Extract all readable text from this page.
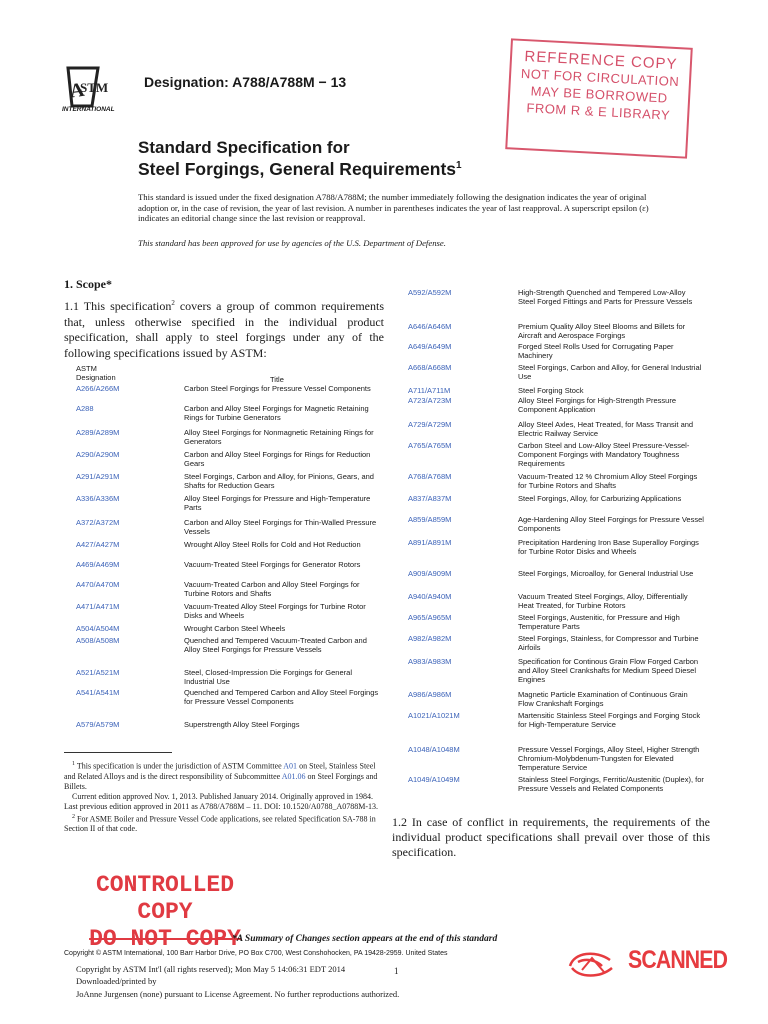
A
STM
INTERNATIONAL
Designation: A788/A788M − 13
REFERENCE COPY
NOT FOR CIRCULATION
MAY BE BORROWED
FROM R & E LIBRARY
Standard Specification for
Steel Forgings, General Requirements$^1$
This standard is issued under the fixed designation A788/A788M; the number immediately following the designation indicates the year of original adoption or, in the case of revision, the year of last revision. A number in parentheses indicates the year of last reapproval. A superscript epsilon (ε) indicates an editorial change since the last revision or reapproval.
This standard has been approved for use by agencies of the U.S. Department of Defense.
1. Scope*
1.1 This specification$^2$ covers a group of common requirements that, unless otherwise specified in the individual product specification, shall apply to steel forgings under any of the following specifications issued by ASTM:
ASTM
Designation	Title
A266/A266M	Carbon Steel Forgings for Pressure Vessel Components
A288	Carbon and Alloy Steel Forgings for Magnetic Retaining Rings for Turbine Generators
A289/A289M	Alloy Steel Forgings for Nonmagnetic Retaining Rings for Generators
A290/A290M	Carbon and Alloy Steel Forgings for Rings for Reduction Gears
A291/A291M	Steel Forgings, Carbon and Alloy, for Pinions, Gears, and Shafts for Reduction Gears
A336/A336M	Alloy Steel Forgings for Pressure and High-Temperature Parts
A372/A372M	Carbon and Alloy Steel Forgings for Thin-Walled Pressure Vessels
A427/A427M	Wrought Alloy Steel Rolls for Cold and Hot Reduction
A469/A469M	Vacuum-Treated Steel Forgings for Generator Rotors
A470/A470M	Vacuum-Treated Carbon and Alloy Steel Forgings for Turbine Rotors and Shafts
A471/A471M	Vacuum-Treated Alloy Steel Forgings for Turbine Rotor Disks and Wheels
A504/A504M	Wrought Carbon Steel Wheels
A508/A508M	Quenched and Tempered Vacuum-Treated Carbon and Alloy Steel Forgings for Pressure Vessels
A521/A521M	Steel, Closed-Impression Die Forgings for General Industrial Use
A541/A541M	Quenched and Tempered Carbon and Alloy Steel Forgings for Pressure Vessel Components
A579/A579M	Superstrength Alloy Steel Forgings
A592/A592M	High-Strength Quenched and Tempered Low-Alloy Steel Forged Fittings and Parts for Pressure Vessels
A646/A646M	Premium Quality Alloy Steel Blooms and Billets for Aircraft and Aerospace Forgings
A649/A649M	Forged Steel Rolls Used for Corrugating Paper Machinery
A668/A668M	Steel Forgings, Carbon and Alloy, for General Industrial Use
A711/A711M	Steel Forging Stock
A723/A723M	Alloy Steel Forgings for High-Strength Pressure Component Application
A729/A729M	Alloy Steel Axles, Heat Treated, for Mass Transit and Electric Railway Service
A765/A765M	Carbon Steel and Low-Alloy Steel Pressure-Vessel-Component Forgings with Mandatory Toughness Requirements
A768/A768M	Vacuum-Treated 12 % Chromium Alloy Steel Forgings for Turbine Rotors and Shafts
A837/A837M	Steel Forgings, Alloy, for Carburizing Applications
A859/A859M	Age-Hardening Alloy Steel Forgings for Pressure Vessel Components
A891/A891M	Precipitation Hardening Iron Base Superalloy Forgings for Turbine Rotor Disks and Wheels
A909/A909M	Steel Forgings, Microalloy, for General Industrial Use
A940/A940M	Vacuum Treated Steel Forgings, Alloy, Differentially Heat Treated, for Turbine Rotors
A965/A965M	Steel Forgings, Austenitic, for Pressure and High Temperature Parts
A982/A982M	Steel Forgings, Stainless, for Compressor and Turbine Airfoils
A983/A983M	Specification for Continous Grain Flow Forged Carbon and Alloy Steel Crankshafts for Medium Speed Diesel Engines
A986/A986M	Magnetic Particle Examination of Continuous Grain Flow Crankshaft Forgings
A1021/A1021M	Martensitic Stainless Steel Forgings and Forging Stock for High-Temperature Service
A1048/A1048M	Pressure Vessel Forgings, Alloy Steel, Higher Strength Chromium-Molybdenum-Tungsten for Elevated Temperature Service
A1049/A1049M	Stainless Steel Forgings, Ferritic/Austenitic (Duplex), for Pressure Vessels and Related Components

$^1$ This specification is under the jurisdiction of ASTM Committee A01 on Steel, Stainless Steel and Related Alloys and is the direct responsibility of Subcommittee A01.06 on Steel Forgings and Billets.

Current edition approved Nov. 1, 2013. Published January 2014. Originally approved in 1984. Last previous edition approved in 2011 as A788/A788M – 11. DOI: 10.1520/A0788_A0788M-13.

$^2$ For ASME Boiler and Pressure Vessel Code applications, see related Specification SA-788 in Section II of that code.	1.2 In case of conflict in requirements, the requirements of the individual product specifications shall prevail over those of this specification.
CONTROLLED
COPY
DO NOT COPY
*A Summary of Changes section appears at the end of this standard
Copyright © ASTM International, 100 Barr Harbor Drive, PO Box C700, West Conshohocken, PA 19428-2959. United States
Copyright by ASTM Int'l (all rights reserved); Mon May 5 14:06:31 EDT 2014	1
Downloaded/printed by
JoAnne Jurgensen (none) pursuant to License Agreement. No further reproductions authorized.
SCANNED
